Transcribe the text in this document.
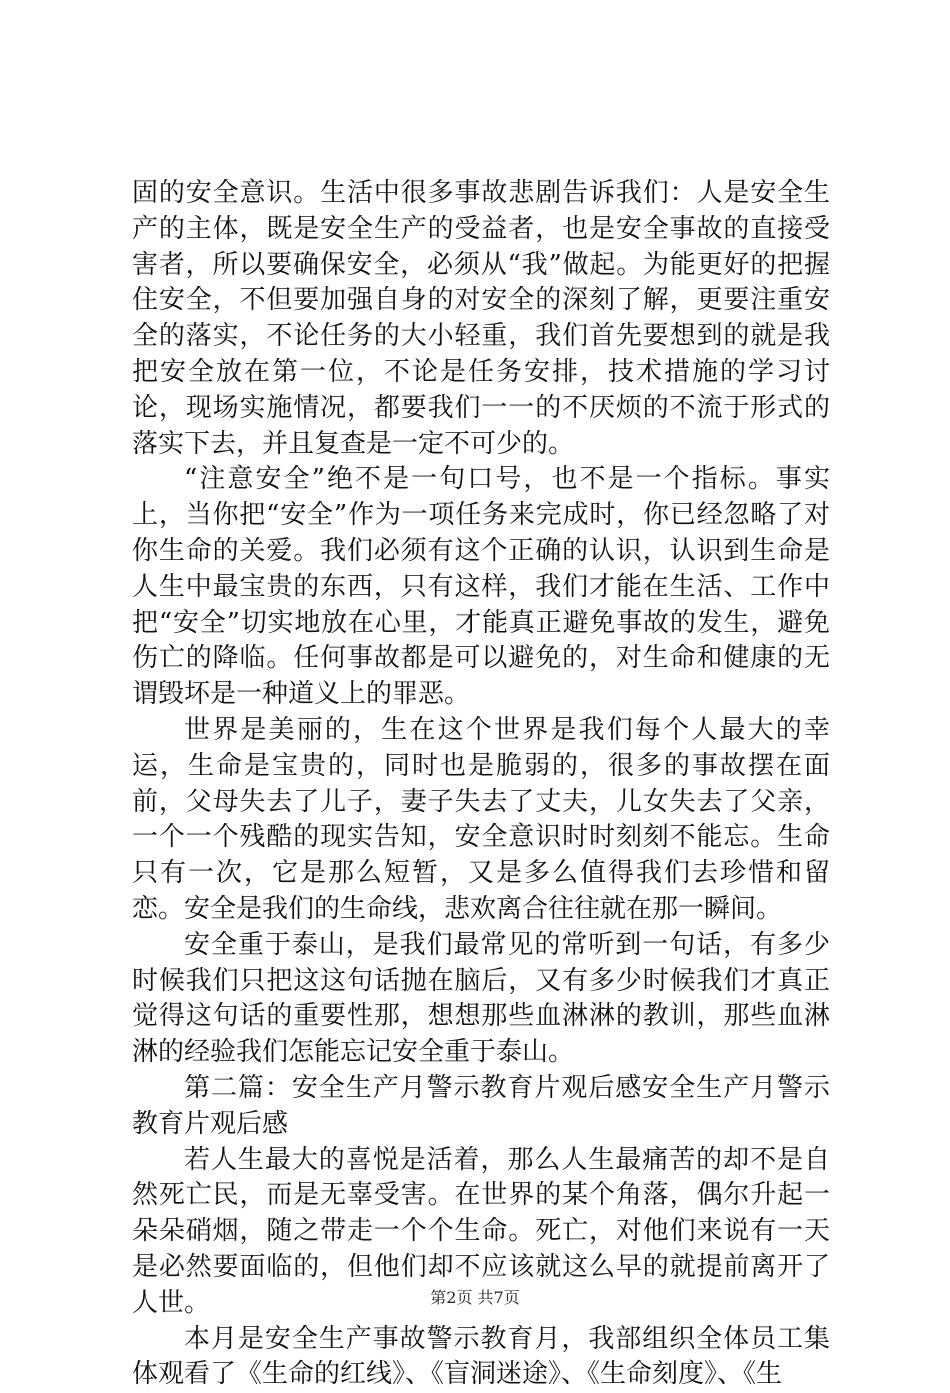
固的安全意识。生活中很多事故悲剧告诉我们：人是安全生产的主体，既是安全生产的受益者，也是安全事故的直接受害者，所以要确保安全，必须从“我”做起。为能更好的把握住安全，不但要加强自身的对安全的深刻了解，更要注重安全的落实，不论任务的大小轻重，我们首先要想到的就是我把安全放在第一位，不论是任务安排，技术措施的学习讨论，现场实施情况，都要我们一一的不厌烦的不流于形式的落实下去，并且复查是一定不可少的。

“注意安全”绝不是一句口号，也不是一个指标。事实上，当你把“安全”作为一项任务来完成时，你已经忽略了对你生命的关爱。我们必须有这个正确的认识，认识到生命是人生中最宝贵的东西，只有这样，我们才能在生活、工作中把“安全”切实地放在心里，才能真正避免事故的发生，避免伤亡的降临。任何事故都是可以避免的，对生命和健康的无谓毁坏是一种道义上的罪恶。

世界是美丽的，生在这个世界是我们每个人最大的幸运，生命是宝贵的，同时也是脆弱的，很多的事故摆在面前，父母失去了儿子，妻子失去了丈夫，儿女失去了父亲，一个一个残酷的现实告知，安全意识时时刻刻不能忘。生命只有一次，它是那么短暂，又是多么值得我们去珍惜和留恋。安全是我们的生命线，悲欢离合往往就在那一瞬间。

安全重于泰山，是我们最常见的常听到一句话，有多少时候我们只把这这句话抛在脑后，又有多少时候我们才真正觉得这句话的重要性那，想想那些血淋淋的教训，那些血淋淋的经验我们怎能忘记安全重于泰山。

第二篇：安全生产月警示教育片观后感安全生产月警示教育片观后感

若人生最大的喜悦是活着，那么人生最痛苦的却不是自然死亡民，而是无辜受害。在世界的某个角落，偶尔升起一朵朵硝烟，随之带走一个个生命。死亡，对他们来说有一天是必然要面临的，但他们却不应该就这么早的就提前离开了人世。

本月是安全生产事故警示教育月，我部组织全体员工集体观看了《生命的红线》、《盲洞迷途》、《生命刻度》、《生

第2页 共7页
